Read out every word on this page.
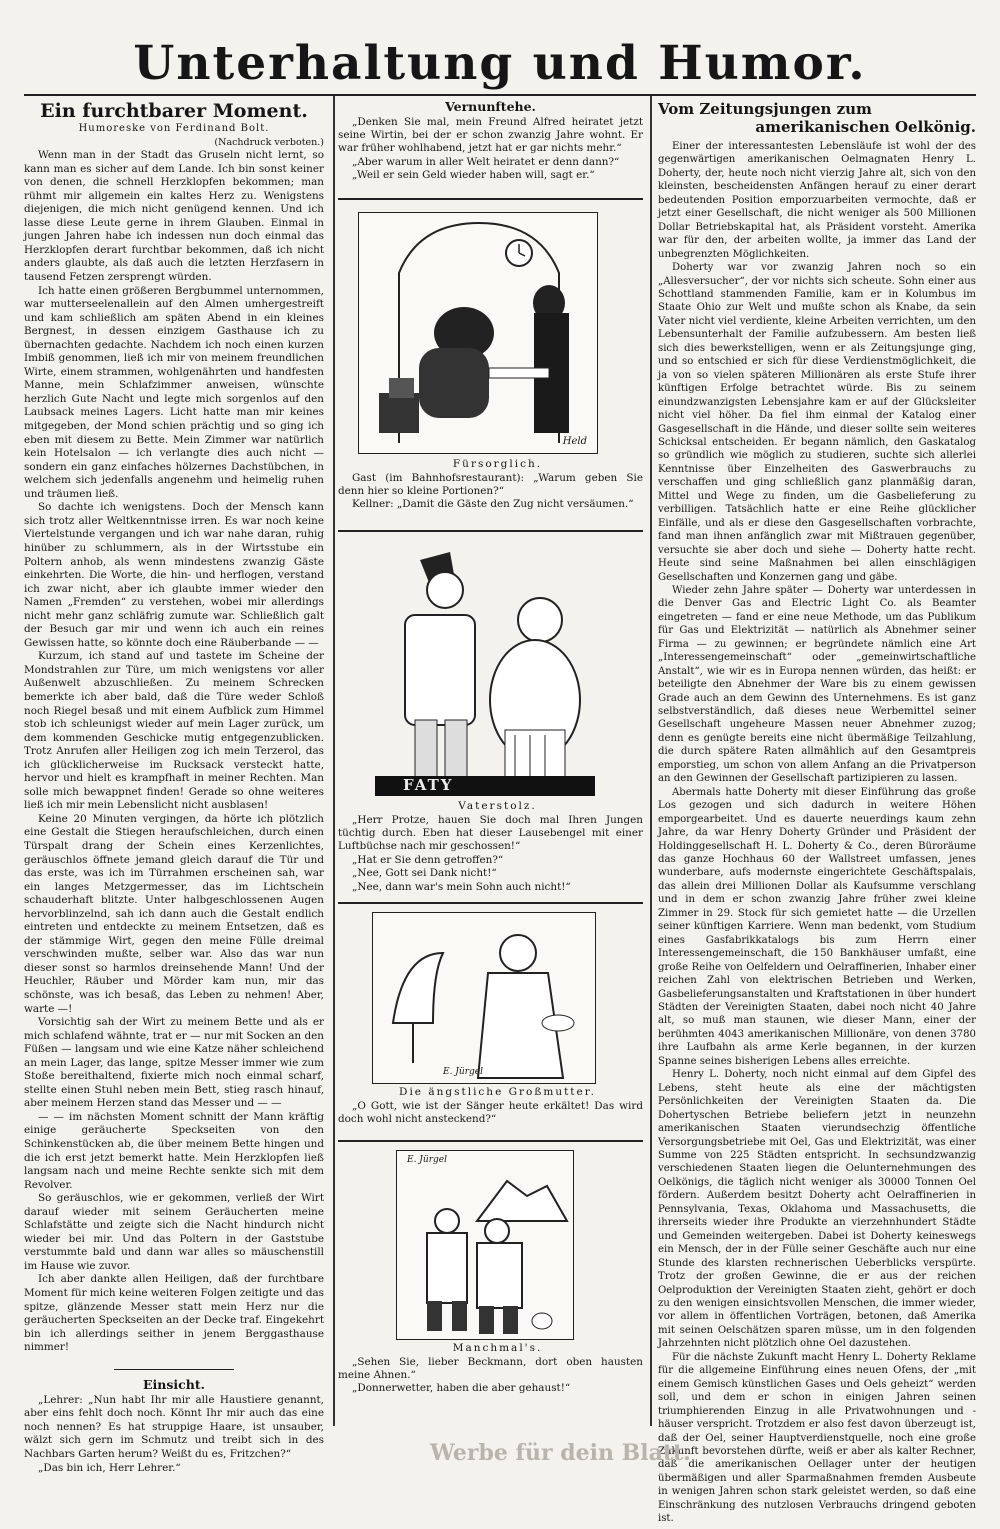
Unterhaltung und Humor.
Ein furchtbarer Moment.

Humoreske von Ferdinand Bolt.

(Nachdruck verboten.)

Wenn man in der Stadt das Gruseln nicht lernt, so kann man es sicher auf dem Lande. Ich bin sonst keiner von denen, die schnell Herzklopfen bekommen; man rühmt mir allgemein ein kaltes Herz zu. Wenigstens diejenigen, die mich nicht genügend kennen. Und ich lasse diese Leute gerne in ihrem Glauben. Einmal in jungen Jahren habe ich indessen nun doch einmal das Herzklopfen derart furchtbar bekommen, daß ich nicht anders glaubte, als daß auch die letzten Herzfasern in tausend Fetzen zersprengt würden.

Ich hatte einen größeren Bergbummel unternommen, war mutterseelenallein auf den Almen umhergestreift und kam schließlich am späten Abend in ein kleines Bergnest, in dessen einzigem Gasthause ich zu übernachten gedachte. Nachdem ich noch einen kurzen Imbiß genommen, ließ ich mir von meinem freundlichen Wirte, einem strammen, wohlgenährten und handfesten Manne, mein Schlafzimmer anweisen, wünschte herzlich Gute Nacht und legte mich sorgenlos auf den Laubsack meines Lagers. Licht hatte man mir keines mitgegeben, der Mond schien prächtig und so ging ich eben mit diesem zu Bette. Mein Zimmer war natürlich kein Hotelsalon — ich verlangte dies auch nicht — sondern ein ganz einfaches hölzernes Dachstübchen, in welchem sich jedenfalls angenehm und heimelig ruhen und träumen ließ.

So dachte ich wenigstens. Doch der Mensch kann sich trotz aller Weltkenntnisse irren. Es war noch keine Viertelstunde vergangen und ich war nahe daran, ruhig hinüber zu schlummern, als in der Wirtsstube ein Poltern anhob, als wenn mindestens zwanzig Gäste einkehrten. Die Worte, die hin- und herflogen, verstand ich zwar nicht, aber ich glaubte immer wieder den Namen „Fremden“ zu verstehen, wobei mir allerdings nicht mehr ganz schläfrig zumute war. Schließlich galt der Besuch gar mir und wenn ich auch ein reines Gewissen hatte, so könnte doch eine Räuberbande — —

Kurzum, ich stand auf und tastete im Scheine der Mondstrahlen zur Türe, um mich wenigstens vor aller Außenwelt abzuschließen. Zu meinem Schrecken bemerkte ich aber bald, daß die Türe weder Schloß noch Riegel besaß und mit einem Aufblick zum Himmel stob ich schleunigst wieder auf mein Lager zurück, um dem kommenden Geschicke mutig entgegenzublicken. Trotz Anrufen aller Heiligen zog ich mein Terzerol, das ich glücklicherweise im Rucksack versteckt hatte, hervor und hielt es krampfhaft in meiner Rechten. Man solle mich bewappnet finden! Gerade so ohne weiteres ließ ich mir mein Lebenslicht nicht ausblasen!

Keine 20 Minuten vergingen, da hörte ich plötzlich eine Gestalt die Stiegen heraufschleichen, durch einen Türspalt drang der Schein eines Kerzenlichtes, geräuschlos öffnete jemand gleich darauf die Tür und das erste, was ich im Türrahmen erscheinen sah, war ein langes Metzgermesser, das im Lichtschein schauderhaft blitzte. Unter halbgeschlossenen Augen hervorblinzelnd, sah ich dann auch die Gestalt endlich eintreten und entdeckte zu meinem Entsetzen, daß es der stämmige Wirt, gegen den meine Fülle dreimal verschwinden mußte, selber war. Also das war nun dieser sonst so harmlos dreinsehende Mann! Und der Heuchler, Räuber und Mörder kam nun, mir das schönste, was ich besaß, das Leben zu nehmen! Aber, warte —!

Vorsichtig sah der Wirt zu meinem Bette und als er mich schlafend wähnte, trat er — nur mit Socken an den Füßen — langsam und wie eine Katze näher schleichend an mein Lager, das lange, spitze Messer immer wie zum Stoße bereithaltend, fixierte mich noch einmal scharf, stellte einen Stuhl neben mein Bett, stieg rasch hinauf, aber meinem Herzen stand das Messer und — —

— — im nächsten Moment schnitt der Mann kräftig einige geräucherte Speckseiten von den Schinkenstücken ab, die über meinem Bette hingen und die ich erst jetzt bemerkt hatte. Mein Herzklopfen ließ langsam nach und meine Rechte senkte sich mit dem Revolver.

So geräuschlos, wie er gekommen, verließ der Wirt darauf wieder mit seinem Geräucherten meine Schlafstätte und zeigte sich die Nacht hindurch nicht wieder bei mir. Und das Poltern in der Gaststube verstummte bald und dann war alles so mäuschenstill im Hause wie zuvor.

Ich aber dankte allen Heiligen, daß der furchtbare Moment für mich keine weiteren Folgen zeitigte und das spitze, glänzende Messer statt mein Herz nur die geräucherten Speckseiten an der Decke traf. Eingekehrt bin ich allerdings seither in jenem Berggasthause nimmer!

Einsicht.

„Lehrer: „Nun habt Ihr mir alle Haustiere genannt, aber eins fehlt doch noch. Könnt Ihr mir auch das eine noch nennen? Es hat struppige Haare, ist unsauber, wälzt sich gern im Schmutz und treibt sich in des Nachbars Garten herum? Weißt du es, Fritzchen?“

„Das bin ich, Herr Lehrer.“

Vernunftehe.

„Denken Sie mal, mein Freund Alfred heiratet jetzt seine Wirtin, bei der er schon zwanzig Jahre wohnt. Er war früher wohlhabend, jetzt hat er gar nichts mehr.“

„Aber warum in aller Welt heiratet er denn dann?“

„Weil er sein Geld wieder haben will, sagt er.“

Held

Fürsorglich.

Gast (im Bahnhofsrestaurant): „Warum geben Sie denn hier so kleine Portionen?“

Kellner: „Damit die Gäste den Zug nicht versäumen.“

FATY

Vaterstolz.

„Herr Protze, hauen Sie doch mal Ihren Jungen tüchtig durch. Eben hat dieser Lausebengel mit einer Luftbüchse nach mir geschossen!“

„Hat er Sie denn getroffen?“

„Nee, Gott sei Dank nicht!“

„Nee, dann war's mein Sohn auch nicht!“

E. Jürgel

Die ängstliche Großmutter.

„O Gott, wie ist der Sänger heute erkältet! Das wird doch wohl nicht ansteckend?“

E. Jürgel

Manchmal's.

„Sehen Sie, lieber Beckmann, dort oben hausten meine Ahnen.“

„Donnerwetter, haben die aber gehaust!“

Vom Zeitungsjungen zum
amerikanischen Oelkönig.

Einer der interessantesten Lebensläufe ist wohl der des gegenwärtigen amerikanischen Oelmagnaten Henry L. Doherty, der, heute noch nicht vierzig Jahre alt, sich von den kleinsten, bescheidensten Anfängen herauf zu einer derart bedeutenden Position emporzuarbeiten vermochte, daß er jetzt einer Gesellschaft, die nicht weniger als 500 Millionen Dollar Betriebskapital hat, als Präsident vorsteht. Amerika war für den, der arbeiten wollte, ja immer das Land der unbegrenzten Möglichkeiten.

Doherty war vor zwanzig Jahren noch so ein „Allesversucher“, der vor nichts sich scheute. Sohn einer aus Schottland stammenden Familie, kam er in Kolumbus im Staate Ohio zur Welt und mußte schon als Knabe, da sein Vater nicht viel verdiente, kleine Arbeiten verrichten, um den Lebensunterhalt der Familie aufzubessern. Am besten ließ sich dies bewerkstelligen, wenn er als Zeitungsjunge ging, und so entschied er sich für diese Verdienstmöglichkeit, die ja von so vielen späteren Millionären als erste Stufe ihrer künftigen Erfolge betrachtet würde. Bis zu seinem einundzwanzigsten Lebensjahre kam er auf der Glücksleiter nicht viel höher. Da fiel ihm einmal der Katalog einer Gasgesellschaft in die Hände, und dieser sollte sein weiteres Schicksal entscheiden. Er begann nämlich, den Gaskatalog so gründlich wie möglich zu studieren, suchte sich allerlei Kenntnisse über Einzelheiten des Gaswerbrauchs zu verschaffen und ging schließlich ganz planmäßig daran, Mittel und Wege zu finden, um die Gasbelieferung zu verbilligen. Tatsächlich hatte er eine Reihe glücklicher Einfälle, und als er diese den Gasgesellschaften vorbrachte, fand man ihnen anfänglich zwar mit Mißtrauen gegenüber, versuchte sie aber doch und siehe — Doherty hatte recht. Heute sind seine Maßnahmen bei allen einschlägigen Gesellschaften und Konzernen gang und gäbe.

Wieder zehn Jahre später — Doherty war unterdessen in die Denver Gas and Electric Light Co. als Beamter eingetreten — fand er eine neue Methode, um das Publikum für Gas und Elektrizität — natürlich als Abnehmer seiner Firma — zu gewinnen; er begründete nämlich eine Art „Interessengemeinschaft“ oder „gemeinwirtschaftliche Anstalt“, wie wir es in Europa nennen würden, das heißt: er beteiligte den Abnehmer der Ware bis zu einem gewissen Grade auch an dem Gewinn des Unternehmens. Es ist ganz selbstverständlich, daß dieses neue Werbemittel seiner Gesellschaft ungeheure Massen neuer Abnehmer zuzog; denn es genügte bereits eine nicht übermäßige Teilzahlung, die durch spätere Raten allmählich auf den Gesamtpreis emporstieg, um schon von allem Anfang an die Privatperson an den Gewinnen der Gesellschaft partizipieren zu lassen.

Abermals hatte Doherty mit dieser Einführung das große Los gezogen und sich dadurch in weitere Höhen emporgearbeitet. Und es dauerte neuerdings kaum zehn Jahre, da war Henry Doherty Gründer und Präsident der Holdinggesellschaft H. L. Doherty & Co., deren Büroräume das ganze Hochhaus 60 der Wallstreet umfassen, jenes wunderbare, aufs modernste eingerichtete Geschäftspalais, das allein drei Millionen Dollar als Kaufsumme verschlang und in dem er schon zwanzig Jahre früher zwei kleine Zimmer in 29. Stock für sich gemietet hatte — die Urzellen seiner künftigen Karriere. Wenn man bedenkt, vom Studium eines Gasfabrikkatalogs bis zum Herrn einer Interessengemeinschaft, die 150 Bankhäuser umfaßt, eine große Reihe von Oelfeldern und Oelraffinerien, Inhaber einer reichen Zahl von elektrischen Betrieben und Werken, Gasbelieferungsanstalten und Kraftstationen in über hundert Städten der Vereinigten Staaten, dabei noch nicht 40 Jahre alt, so muß man staunen, wie dieser Mann, einer der berühmten 4043 amerikanischen Millionäre, von denen 3780 ihre Laufbahn als arme Kerle begannen, in der kurzen Spanne seines bisherigen Lebens alles erreichte.

Henry L. Doherty, noch nicht einmal auf dem Gipfel des Lebens, steht heute als eine der mächtigsten Persönlichkeiten der Vereinigten Staaten da. Die Dohertyschen Betriebe beliefern jetzt in neunzehn amerikanischen Staaten vierundsechzig öffentliche Versorgungsbetriebe mit Oel, Gas und Elektrizität, was einer Summe von 225 Städten entspricht. In sechsundzwanzig verschiedenen Staaten liegen die Oelunternehmungen des Oelkönigs, die täglich nicht weniger als 30000 Tonnen Oel fördern. Außerdem besitzt Doherty acht Oelraffinerien in Pennsylvania, Texas, Oklahoma und Massachusetts, die ihrerseits wieder ihre Produkte an vierzehnhundert Städte und Gemeinden weitergeben. Dabei ist Doherty keineswegs ein Mensch, der in der Fülle seiner Geschäfte auch nur eine Stunde des klarsten rechnerischen Ueberblicks verspürte. Trotz der großen Gewinne, die er aus der reichen Oelproduktion der Vereinigten Staaten zieht, gehört er doch zu den wenigen einsichtsvollen Menschen, die immer wieder, vor allem in öffentlichen Vorträgen, betonen, daß Amerika mit seinen Oelschätzen sparen müsse, um in den folgenden Jahrzehnten nicht plötzlich ohne Oel dazustehen.

Für die nächste Zukunft macht Henry L. Doherty Reklame für die allgemeine Einführung eines neuen Ofens, der „mit einem Gemisch künstlichen Gases und Oels geheizt“ werden soll, und dem er schon in einigen Jahren seinen triumphierenden Einzug in alle Privatwohnungen und -häuser verspricht. Trotzdem er also fest davon überzeugt ist, daß der Oel, seiner Hauptverdienstquelle, noch eine große Zukunft bevorstehen dürfte, weiß er aber als kalter Rechner, daß die amerikanischen Oellager unter der heutigen übermäßigen und aller Sparmaßnahmen fremden Ausbeute in wenigen Jahren schon stark geleistet werden, so daß eine Einschränkung des nutzlosen Verbrauchs dringend geboten ist.

Werbe für dein Blatt.
